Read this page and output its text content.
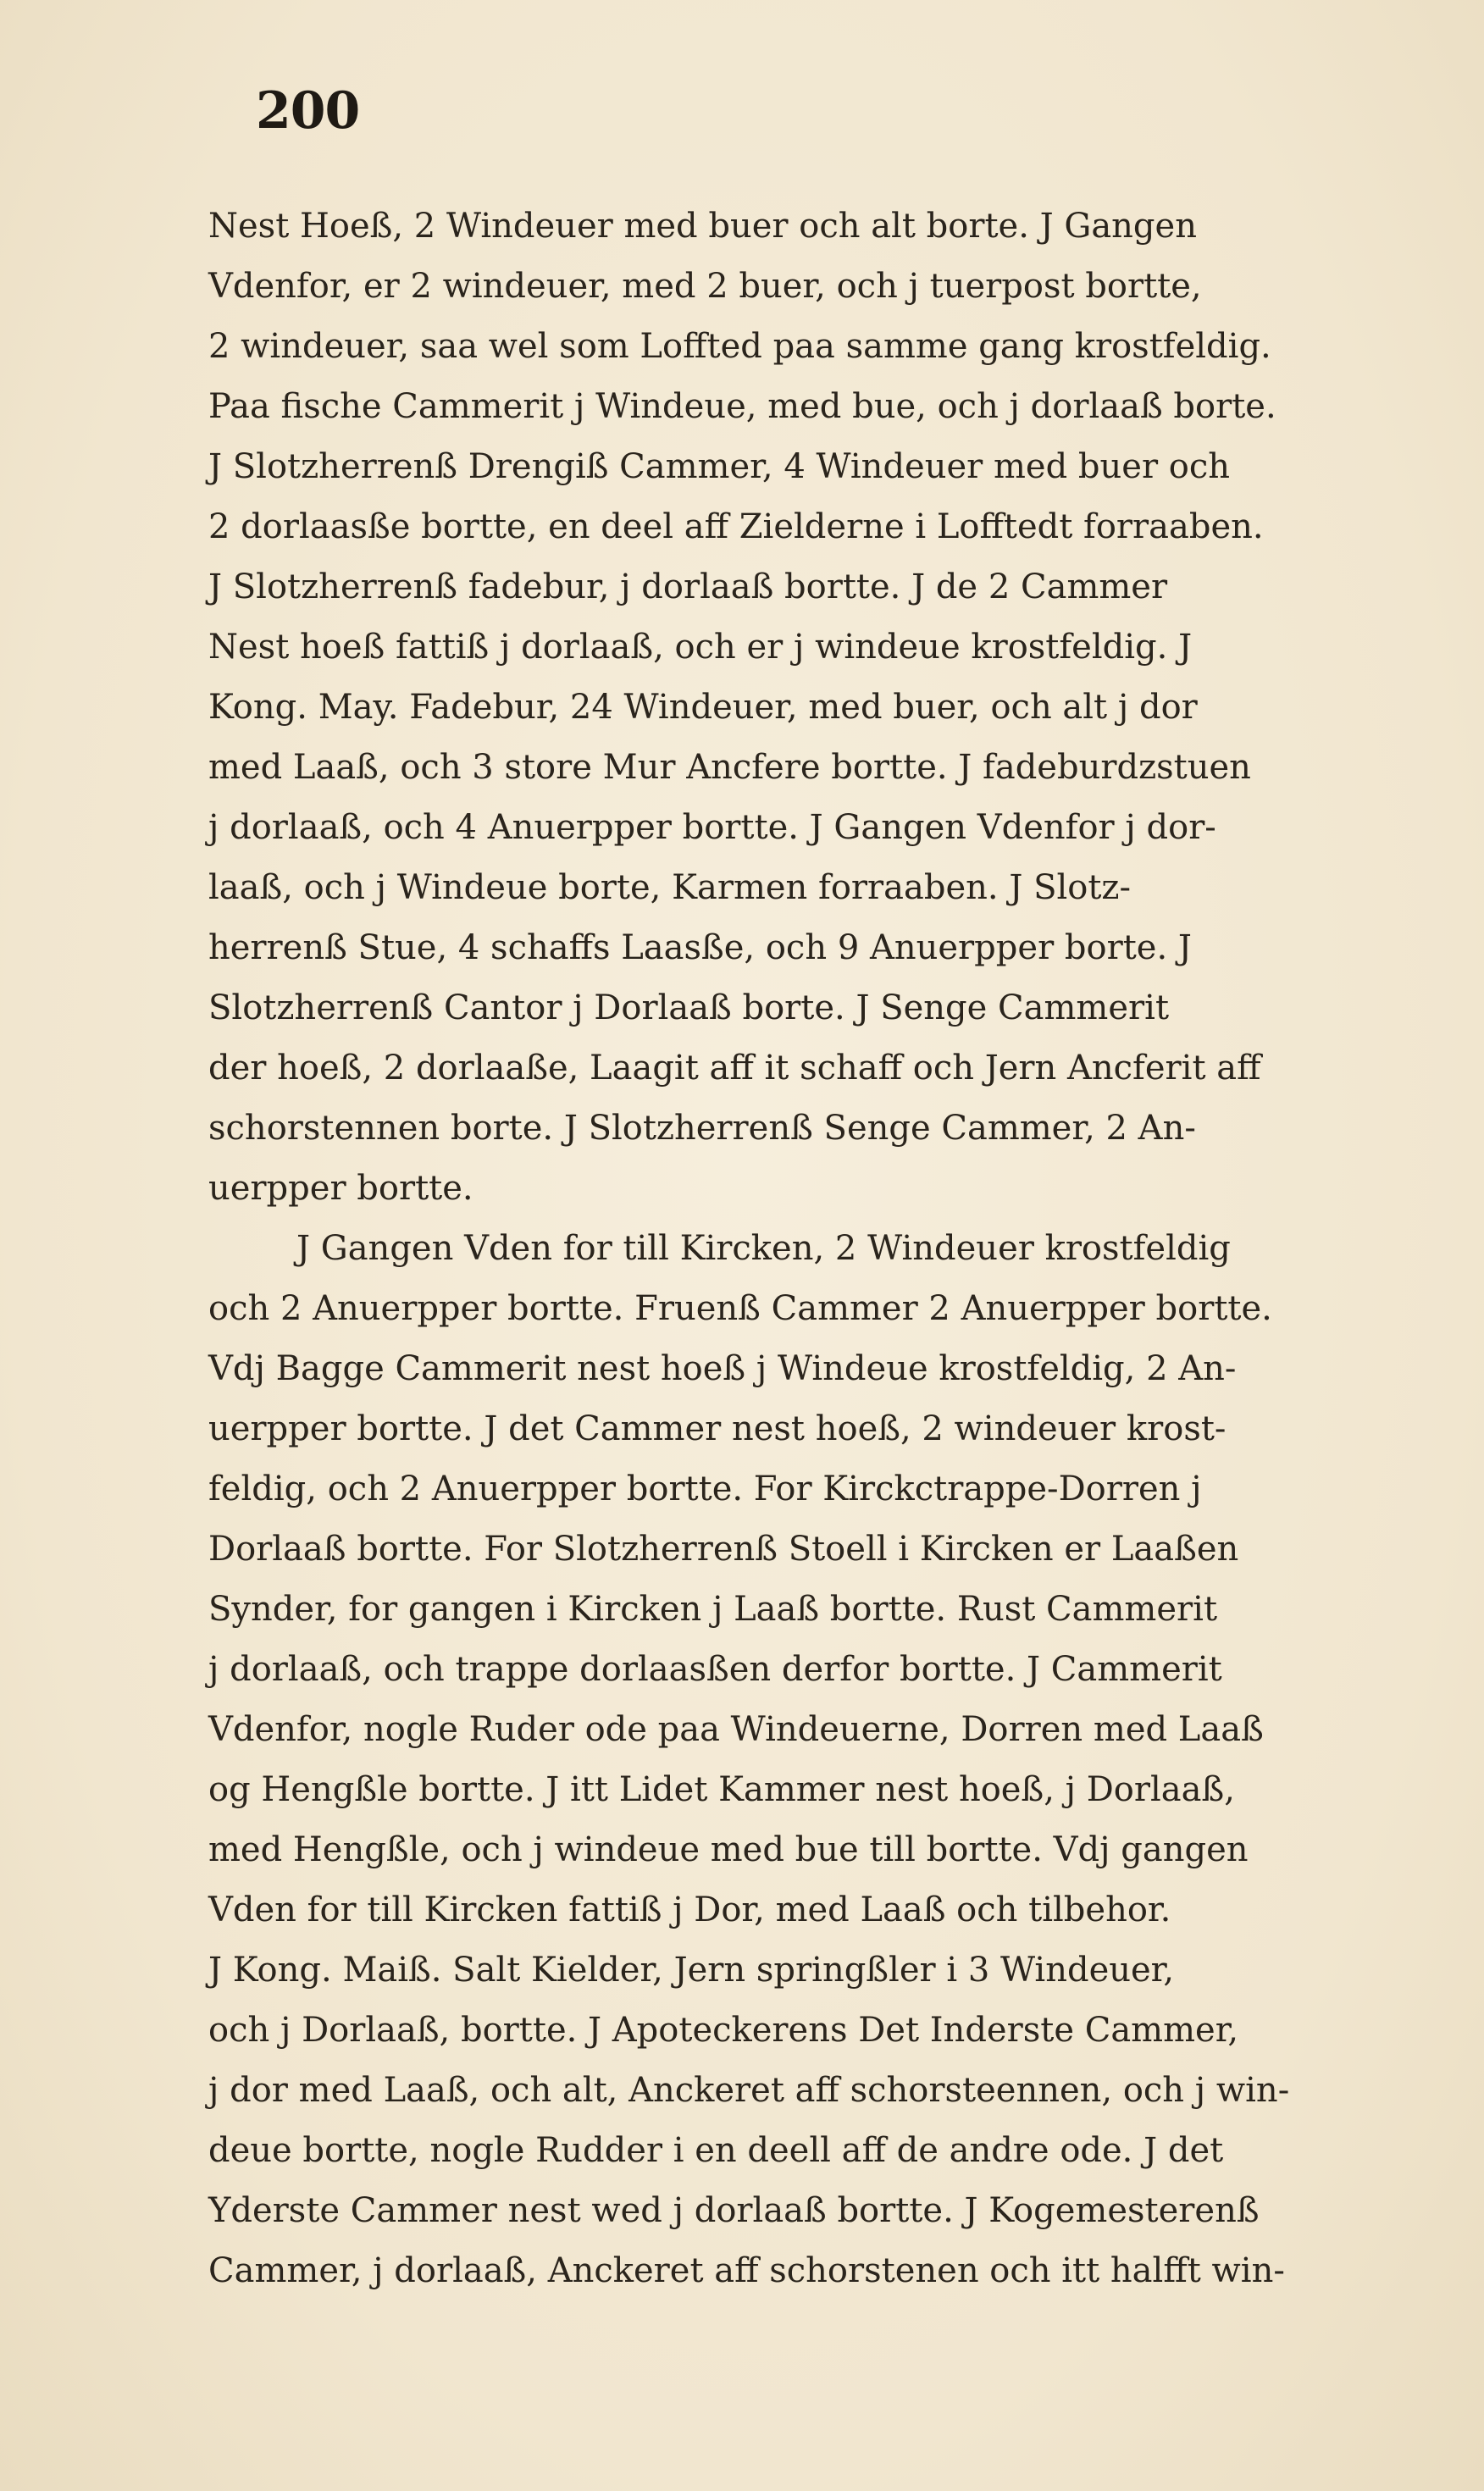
200
Nest Hoeß, 2 Windeuer med buer och alt borte. J Gangen
Vdenfor, er 2 windeuer, med 2 buer, och j tuerpost bortte,
2 windeuer, saa wel som Loffted paa samme gang krostfeldig.
Paa fische Cammerit j Windeue, med bue, och j dorlaaß borte.
J Slotzherrenß Drengiß Cammer, 4 Windeuer med buer och
2 dorlaasße bortte, en deel aff Zielderne i Lofftedt forraaben.
J Slotzherrenß fadebur, j dorlaaß bortte. J de 2 Cammer
Nest hoeß fattiß j dorlaaß, och er j windeue krostfeldig. J
Kong. May. Fadebur, 24 Windeuer, med buer, och alt j dor
med Laaß, och 3 store Mur Ancfere bortte. J fadeburdzstuen
j dorlaaß, och 4 Anuerpper bortte. J Gangen Vdenfor j dor-
laaß, och j Windeue borte, Karmen forraaben. J Slotz-
herrenß Stue, 4 schaffs Laasße, och 9 Anuerpper borte. J
Slotzherrenß Cantor j Dorlaaß borte. J Senge Cammerit
der hoeß, 2 dorlaaße, Laagit aff it schaff och Jern Ancferit aff
schorstennen borte. J Slotzherrenß Senge Cammer, 2 An-
uerpper bortte.
J Gangen Vden for till Kircken, 2 Windeuer krostfeldig
och 2 Anuerpper bortte. Fruenß Cammer 2 Anuerpper bortte.
Vdj Bagge Cammerit nest hoeß j Windeue krostfeldig, 2 An-
uerpper bortte. J det Cammer nest hoeß, 2 windeuer krost-
feldig, och 2 Anuerpper bortte. For Kirckctrappe-Dorren j
Dorlaaß bortte. For Slotzherrenß Stoell i Kircken er Laaßen
Synder, for gangen i Kircken j Laaß bortte. Rust Cammerit
j dorlaaß, och trappe dorlaasßen derfor bortte. J Cammerit
Vdenfor, nogle Ruder ode paa Windeuerne, Dorren med Laaß
og Hengßle bortte. J itt Lidet Kammer nest hoeß, j Dorlaaß,
med Hengßle, och j windeue med bue till bortte. Vdj gangen
Vden for till Kircken fattiß j Dor, med Laaß och tilbehor.
J Kong. Maiß. Salt Kielder, Jern springßler i 3 Windeuer,
och j Dorlaaß, bortte. J Apoteckerens Det Inderste Cammer,
j dor med Laaß, och alt, Anckeret aff schorsteennen, och j win-
deue bortte, nogle Rudder i en deell aff de andre ode. J det
Yderste Cammer nest wed j dorlaaß bortte. J Kogemesterenß
Cammer, j dorlaaß, Anckeret aff schorstenen och itt halfft win-
